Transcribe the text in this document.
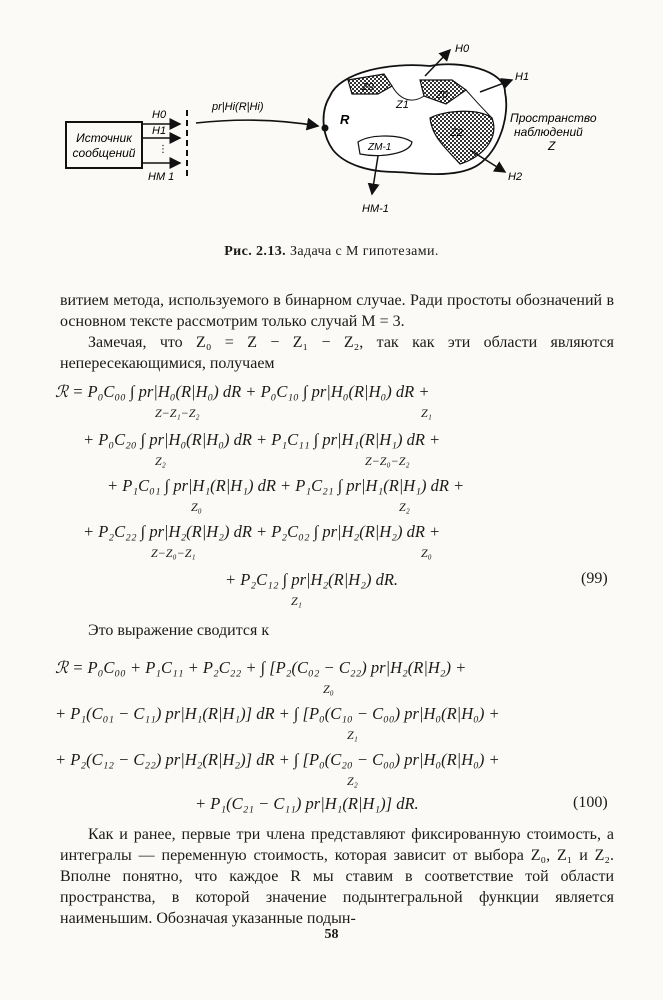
Источник
сообщений
H0
H1
⋮
HM 1
pr|Hi(R|Hi)
Z0
Z0
Z1
Z2
ZM-1
R
H0
H1
H2
HM-1
Пространство
наблюдений
Z
Рис. 2.13. Задача с M гипотезами.
витием метода, используемого в бинарном случае. Ради простоты обозначений в основном тексте рассмотрим только случай M = 3.
Замечая, что Z₀ = Z − Z₁ − Z₂, так как эти области являются непересекающимися, получаем
ℛ = P₀C₀₀ ∫ pr|H₀(R|H₀) dR + P₀C₁₀ ∫ pr|H₀(R|H₀) dR +
Z−Z₁−Z₂	Z₁
+ P₀C₂₀ ∫ pr|H₀(R|H₀) dR + P₁C₁₁ ∫ pr|H₁(R|H₁) dR +
Z₂	Z−Z₀−Z₂
+ P₁C₀₁ ∫ pr|H₁(R|H₁) dR + P₁C₂₁ ∫ pr|H₁(R|H₁) dR +
Z₀	Z₂
+ P₂C₂₂ ∫ pr|H₂(R|H₂) dR + P₂C₀₂ ∫ pr|H₂(R|H₂) dR +
Z−Z₀−Z₁	Z₀
+ P₂C₁₂ ∫ pr|H₂(R|H₂) dR.
Z₁
(99)
Это выражение сводится к
ℛ = P₀C₀₀ + P₁C₁₁ + P₂C₂₂ + ∫ [P₂(C₀₂ − C₂₂) pr|H₂(R|H₂) +
Z₀
+ P₁(C₀₁ − C₁₁) pr|H₁(R|H₁)] dR + ∫ [P₀(C₁₀ − C₀₀) pr|H₀(R|H₀) +
Z₁
+ P₂(C₁₂ − C₂₂) pr|H₂(R|H₂)] dR + ∫ [P₀(C₂₀ − C₀₀) pr|H₀(R|H₀) +
Z₂
+ P₁(C₂₁ − C₁₁) pr|H₁(R|H₁)] dR.	(100)
Как и ранее, первые три члена представляют фиксированную стоимость, а интегралы — переменную стоимость, которая зависит от выбора Z₀, Z₁ и Z₂. Вполне понятно, что каждое R мы ставим в соответствие той области пространства, в которой значение подынтегральной функции является наименьшим. Обозначая указанные подын-
58
